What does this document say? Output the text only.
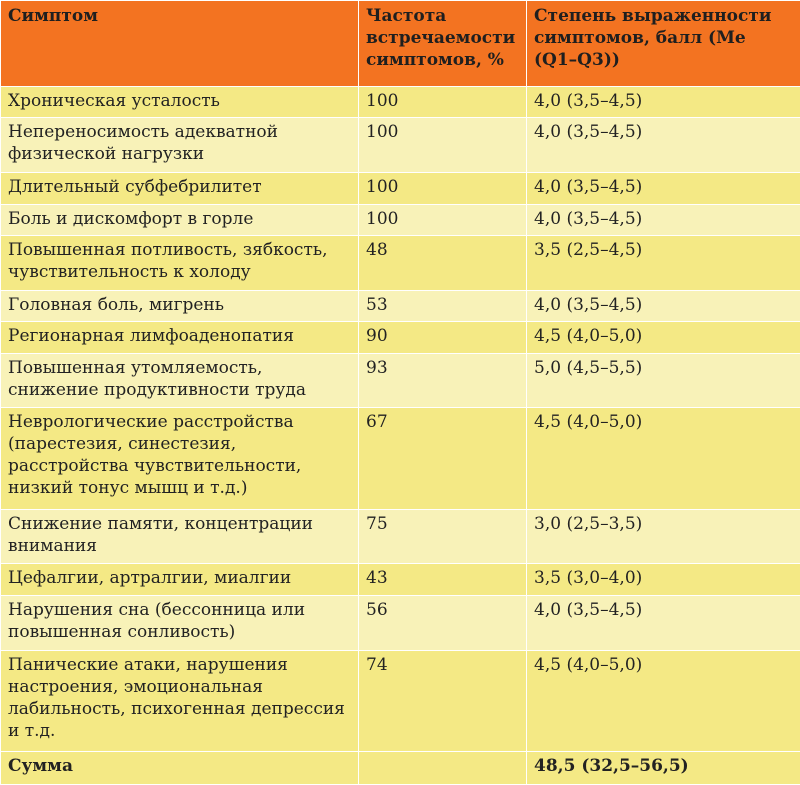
Симптом	Частота встречаемости симптомов, %	Степень выраженности симптомов, балл (Me (Q1–Q3))
Хроническая усталость	100	4,0 (3,5–4,5)
Непереносимость адекватной физической нагрузки	100	4,0 (3,5–4,5)
Длительный субфебрилитет	100	4,0 (3,5–4,5)
Боль и дискомфорт в горле	100	4,0 (3,5–4,5)
Повышенная потливость, зябкость, чувствительность к холоду	48	3,5 (2,5–4,5)
Головная боль, мигрень	53	4,0 (3,5–4,5)
Регионарная лимфоаденопатия	90	4,5 (4,0–5,0)
Повышенная утомляемость, снижение продуктивности труда	93	5,0 (4,5–5,5)
Неврологические расстройства (парестезия, синестезия, расстройства чувствительности, низкий тонус мышц и т.д.)	67	4,5 (4,0–5,0)
Снижение памяти, концентрации внимания	75	3,0 (2,5–3,5)
Цефалгии, артралгии, миалгии	43	3,5 (3,0–4,0)
Нарушения сна (бессонница или повышенная сонливость)	56	4,0 (3,5–4,5)
Панические атаки, нарушения настроения, эмоциональная лабильность, психогенная депрессия и т.д.	74	4,5 (4,0–5,0)
Сумма		48,5 (32,5–56,5)
